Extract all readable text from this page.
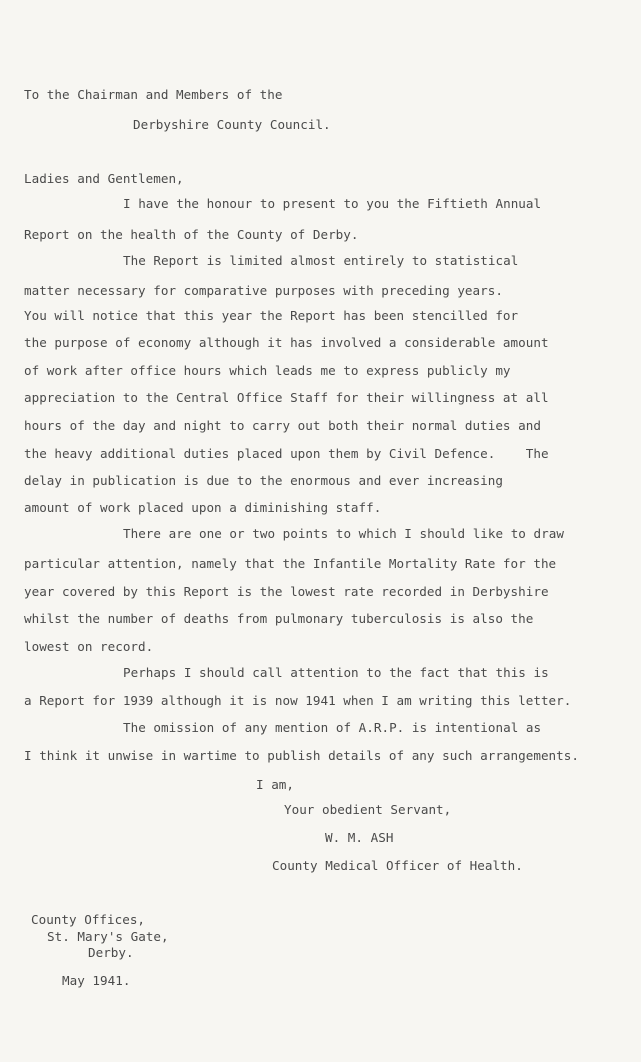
To the Chairman and Members of the
Derbyshire County Council.
Ladies and Gentlemen,
I have the honour to present to you the Fiftieth Annual
Report on the health of the County of Derby.
The Report is limited almost entirely to statistical
matter necessary for comparative purposes with preceding years.
You will notice that this year the Report has been stencilled for
the purpose of economy although it has involved a considerable amount
of work after office hours which leads me to express publicly my
appreciation to the Central Office Staff for their willingness at all
hours of the day and night to carry out both their normal duties and
the heavy additional duties placed upon them by Civil Defence.    The
delay in publication is due to the enormous and ever increasing
amount of work placed upon a diminishing staff.
There are one or two points to which I should like to draw
particular attention, namely that the Infantile Mortality Rate for the
year covered by this Report is the lowest rate recorded in Derbyshire
whilst the number of deaths from pulmonary tuberculosis is also the
lowest on record.
Perhaps I should call attention to the fact that this is
a Report for 1939 although it is now 1941 when I am writing this letter.
The omission of any mention of A.R.P. is intentional as
I think it unwise in wartime to publish details of any such arrangements.
I am,
Your obedient Servant,
W. M. ASH
County Medical Officer of Health.
County Offices,
St. Mary's Gate,
Derby.
May 1941.
